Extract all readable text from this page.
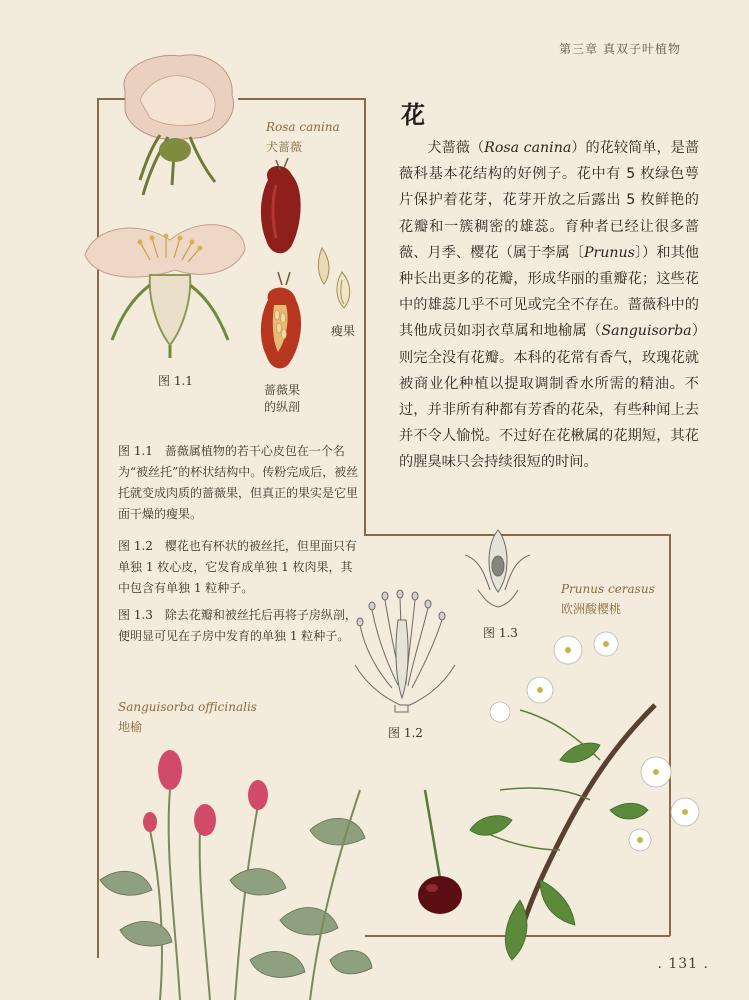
第三章 真双子叶植物
花

犬蔷薇（Rosa canina）的花较简单，是蔷薇科基本花结构的好例子。花中有 5 枚绿色萼片保护着花芽，花芽开放之后露出 5 枚鲜艳的花瓣和一簇稠密的雄蕊。育种者已经让很多蔷薇、月季、樱花（属于李属〔Prunus〕）和其他种长出更多的花瓣，形成华丽的重瓣花；这些花中的雄蕊几乎不可见或完全不存在。蔷薇科中的其他成员如羽衣草属和地榆属（Sanguisorba）则完全没有花瓣。本科的花常有香气，玫瑰花就被商业化种植以提取调制香水所需的精油。不过，并非所有种都有芳香的花朵，有些种闻上去并不令人愉悦。不过好在花楸属的花期短，其花的腥臭味只会持续很短的时间。

Rosa canina
犬蔷薇
图 1.1
瘦果
蔷薇果
的纵剖
图 1.2
图 1.3
Prunus cerasus
欧洲酸樱桃
Sanguisorba officinalis
地榆

图 1.1　蔷薇属植物的若干心皮包在一个名为“被丝托”的杯状结构中。传粉完成后，被丝托就变成肉质的蔷薇果，但真正的果实是它里面干燥的瘦果。

图 1.2　樱花也有杯状的被丝托，但里面只有单独 1 枚心皮，它发育成单独 1 枚肉果，其中包含有单独 1 粒种子。

图 1.3　除去花瓣和被丝托后再将子房纵剖，便明显可见在子房中发育的单独 1 粒种子。

. 131 .
